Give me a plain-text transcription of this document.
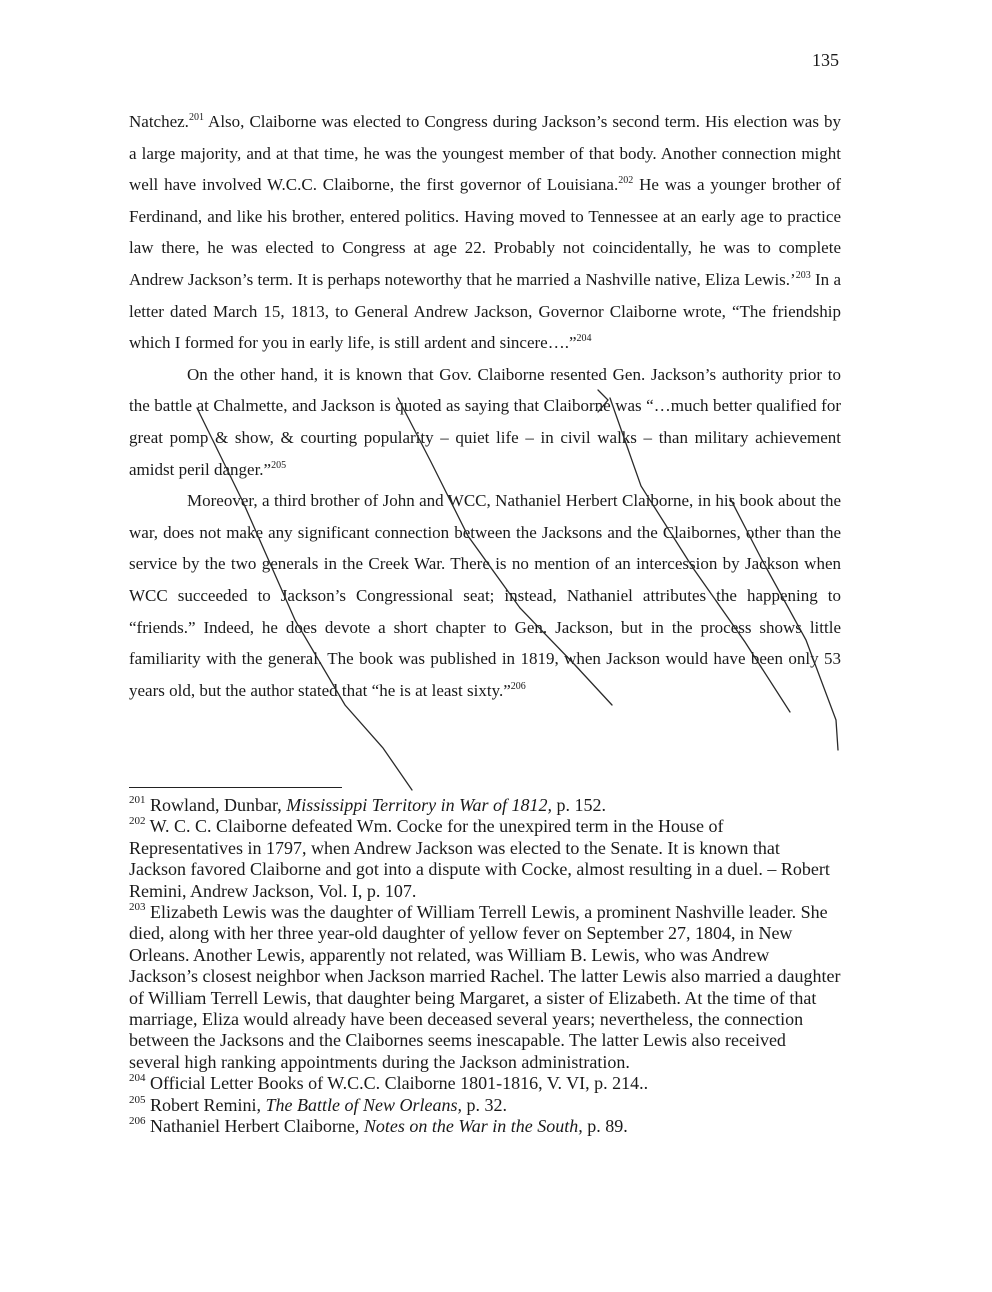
135

Natchez.$^{201}$ Also, Claiborne was elected to Congress during Jackson’s second term. His election was by a large majority, and at that time, he was the youngest member of that body. Another connection might well have involved W.C.C. Claiborne, the first governor of Louisiana.$^{202}$ He was a younger brother of Ferdinand, and like his brother, entered politics. Having moved to Tennessee at an early age to practice law there, he was elected to Congress at age 22. Probably not coincidentally, he was to complete Andrew Jackson’s term. It is perhaps noteworthy that he married a Nashville native, Eliza Lewis.’$^{203}$ In a letter dated March 15, 1813, to General Andrew Jackson, Governor Claiborne wrote, “The friendship which I formed for you in early life, is still ardent and sincere….”$^{204}$

On the other hand, it is known that Gov. Claiborne resented Gen. Jackson’s authority prior to the battle at Chalmette, and Jackson is quoted as saying that Claiborne was “…much better qualified for great pomp & show, & courting popularity – quiet life – in civil walks – than military achievement amidst peril danger.”$^{205}$

Moreover, a third brother of John and WCC, Nathaniel Herbert Claiborne, in his book about the war, does not make any significant connection between the Jacksons and the Claibornes, other than the service by the two generals in the Creek War. There is no mention of an intercession by Jackson when WCC succeeded to Jackson’s Congressional seat; instead, Nathaniel attributes the happening to “friends.” Indeed, he does devote a short chapter to Gen. Jackson, but in the process shows little familiarity with the general. The book was published in 1819, when Jackson would have been only 53 years old, but the author stated that “he is at least sixty.”$^{206}$

$^{201}$ Rowland, Dunbar, Mississippi Territory in War of 1812, p. 152.

$^{202}$ W. C. C. Claiborne defeated Wm. Cocke for the unexpired term in the House of Representatives in 1797, when Andrew Jackson was elected to the Senate. It is known that Jackson favored Claiborne and got into a dispute with Cocke, almost resulting in a duel. – Robert Remini, Andrew Jackson, Vol. I, p. 107.

$^{203}$ Elizabeth Lewis was the daughter of William Terrell Lewis, a prominent Nashville leader. She died, along with her three year-old daughter of yellow fever on September 27, 1804, in New Orleans. Another Lewis, apparently not related, was William B. Lewis, who was Andrew Jackson’s closest neighbor when Jackson married Rachel. The latter Lewis also married a daughter of William Terrell Lewis, that daughter being Margaret, a sister of Elizabeth. At the time of that marriage, Eliza would already have been deceased several years; nevertheless, the connection between the Jacksons and the Claibornes seems inescapable. The latter Lewis also received several high ranking appointments during the Jackson administration.

$^{204}$ Official Letter Books of W.C.C. Claiborne 1801-1816, V. VI, p. 214..

$^{205}$ Robert Remini, The Battle of New Orleans, p. 32.

$^{206}$ Nathaniel Herbert Claiborne, Notes on the War in the South, p. 89.
